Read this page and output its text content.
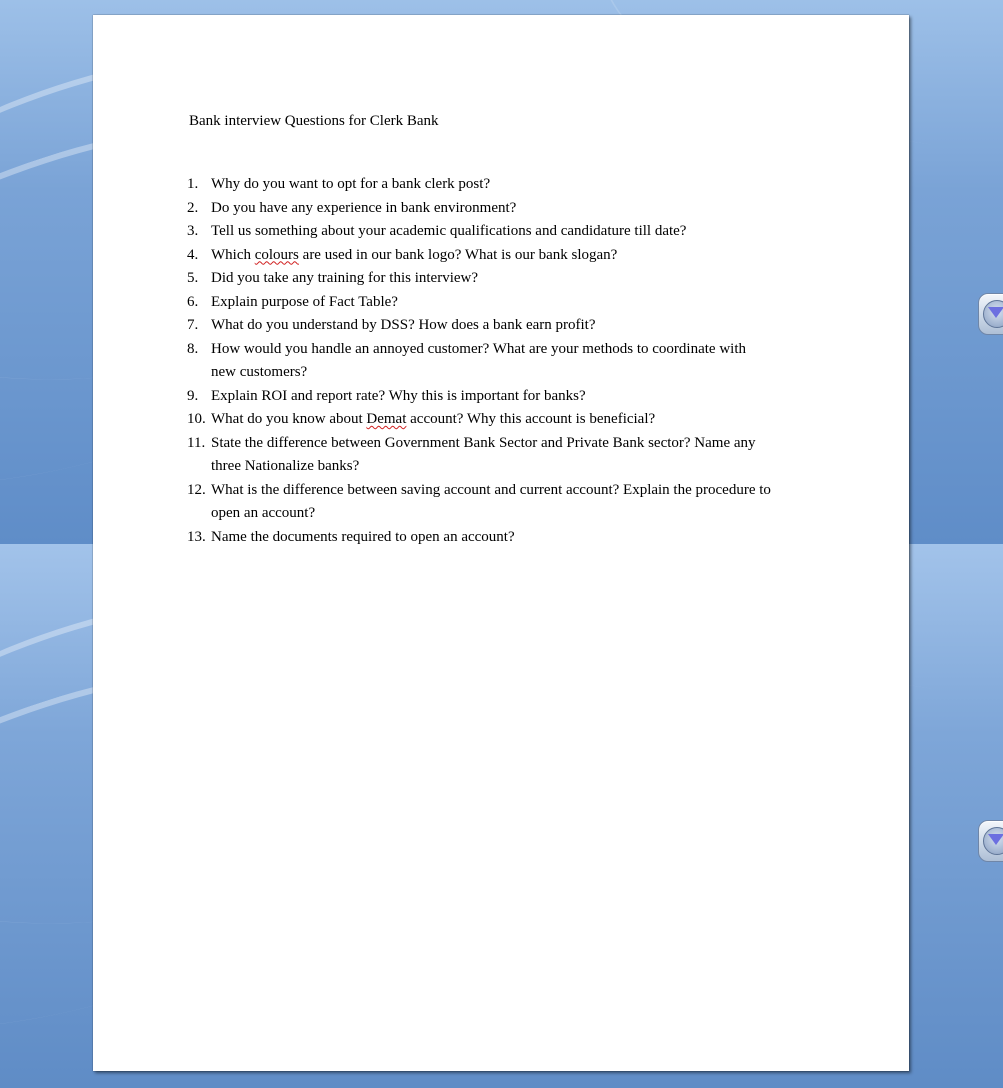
Bank interview Questions for Clerk Bank
1. Why do you want to opt for a bank clerk post?
2. Do you have any experience in bank environment?
3. Tell us something about your academic qualifications and candidature till date?
4. Which colours are used in our bank logo? What is our bank slogan?
5. Did you take any training for this interview?
6. Explain purpose of Fact Table?
7. What do you understand by DSS? How does a bank earn profit?
8. How would you handle an annoyed customer? What are your methods to coordinate with
new customers?
9. Explain ROI and report rate? Why this is important for banks?
10. What do you know about Demat account? Why this account is beneficial?
11. State the difference between Government Bank Sector and Private Bank sector? Name any
three Nationalize banks?
12. What is the difference between saving account and current account? Explain the procedure to
open an account?
13. Name the documents required to open an account?
